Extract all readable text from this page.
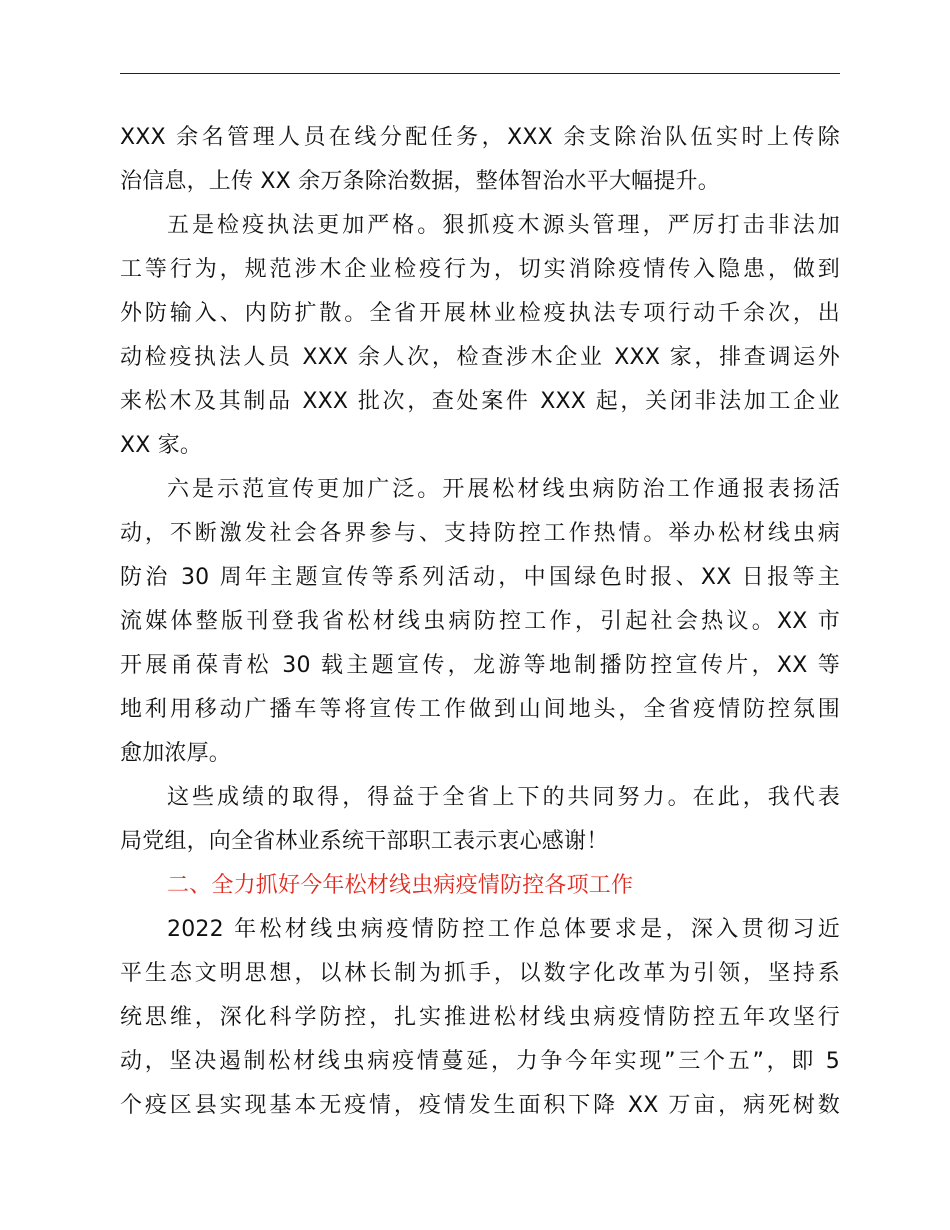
XXX 余名管理人员在线分配任务，XXX 余支除治队伍实时上传除
治信息，上传 XX 余万条除治数据，整体智治水平大幅提升。
五是检疫执法更加严格。狠抓疫木源头管理，严厉打击非法加
工等行为，规范涉木企业检疫行为，切实消除疫情传入隐患，做到
外防输入、内防扩散。全省开展林业检疫执法专项行动千余次，出
动检疫执法人员 XXX 余人次，检查涉木企业 XXX 家，排查调运外
来松木及其制品 XXX 批次，查处案件 XXX 起，关闭非法加工企业
XX 家。
六是示范宣传更加广泛。开展松材线虫病防治工作通报表扬活
动，不断激发社会各界参与、支持防控工作热情。举办松材线虫病
防治 30 周年主题宣传等系列活动，中国绿色时报、XX 日报等主
流媒体整版刊登我省松材线虫病防控工作，引起社会热议。XX 市
开展甬葆青松 30 载主题宣传，龙游等地制播防控宣传片，XX 等
地利用移动广播车等将宣传工作做到山间地头，全省疫情防控氛围
愈加浓厚。
这些成绩的取得，得益于全省上下的共同努力。在此，我代表
局党组，向全省林业系统干部职工表示衷心感谢！
二、全力抓好今年松材线虫病疫情防控各项工作
2022 年松材线虫病疫情防控工作总体要求是，深入贯彻习近
平生态文明思想，以林长制为抓手，以数字化改革为引领，坚持系
统思维，深化科学防控，扎实推进松材线虫病疫情防控五年攻坚行
动，坚决遏制松材线虫病疫情蔓延，力争今年实现”三个五”，即 5
个疫区县实现基本无疫情，疫情发生面积下降 XX 万亩，病死树数
